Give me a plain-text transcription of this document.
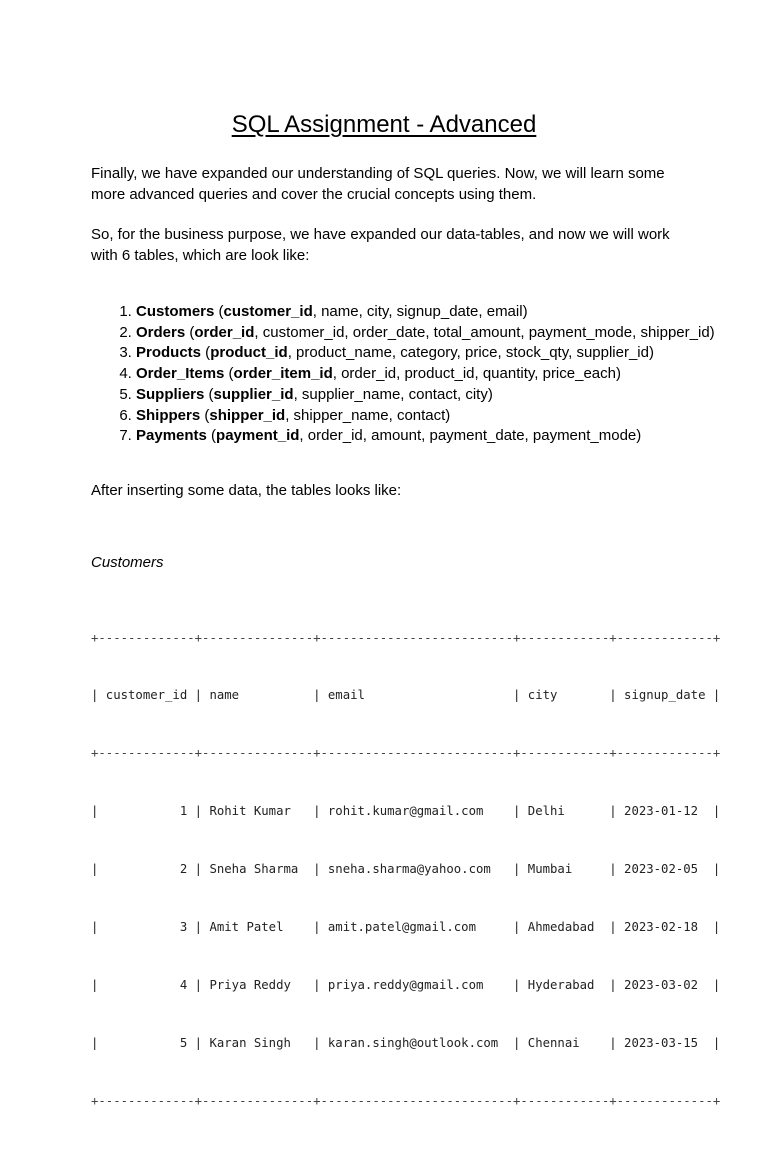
SQL Assignment - Advanced

Finally, we have expanded our understanding of SQL queries. Now, we will learn some more advanced queries and cover the crucial concepts using them.

So, for the business purpose, we have expanded our data-tables, and now we will work with 6 tables, which are look like:

1. Customers (customer_id, name, city, signup_date, email)
2. Orders (order_id, customer_id, order_date, total_amount, payment_mode, shipper_id)
3. Products (product_id, product_name, category, price, stock_qty, supplier_id)
4. Order_Items (order_item_id, order_id, product_id, quantity, price_each)
5. Suppliers (supplier_id, supplier_name, contact, city)
6. Shippers (shipper_id, shipper_name, contact)
7. Payments (payment_id, order_id, amount, payment_date, payment_mode)

After inserting some data, the tables looks like:

Customers

+-------------+---------------+--------------------------+------------+-------------+

| customer_id | name          | email                    | city       | signup_date |

+-------------+---------------+--------------------------+------------+-------------+

|           1 | Rohit Kumar   | rohit.kumar@gmail.com    | Delhi      | 2023-01-12  |

|           2 | Sneha Sharma  | sneha.sharma@yahoo.com   | Mumbai     | 2023-02-05  |

|           3 | Amit Patel    | amit.patel@gmail.com     | Ahmedabad  | 2023-02-18  |

|           4 | Priya Reddy   | priya.reddy@gmail.com    | Hyderabad  | 2023-03-02  |

|           5 | Karan Singh   | karan.singh@outlook.com  | Chennai    | 2023-03-15  |

+-------------+---------------+--------------------------+------------+-------------+
